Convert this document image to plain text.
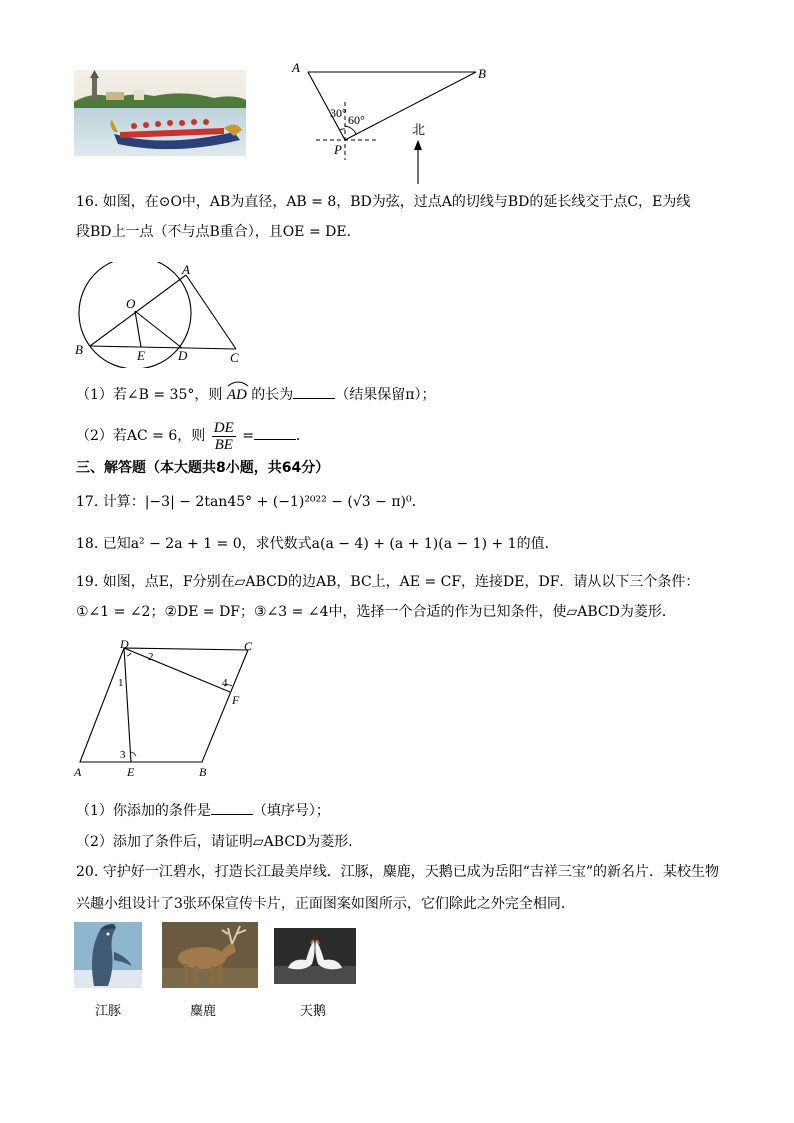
A	B
P
30° 60°
北
16. 如图，在⊙O中，AB为直径，AB = 8，BD为弦，过点A的切线与BD的延长线交于点C，E为线
段BD上一点（不与点B重合），且OE = DE．
O
A
B	E	D	C
（1）若∠B = 35°，则 AD 的长为	（结果保留π）；
（2）若AC = 6，则 $\frac{DE}{BE}$ =	．
三、解答题（本大题共8小题，共64分）
17. 计算：|−3| − 2tan45° + (−1)²⁰²² − (√3 − π)⁰．
18. 已知a² − 2a + 1 = 0，求代数式a(a − 4) + (a + 1)(a − 1) + 1的值．
19. 如图，点E，F分别在▱ABCD的边AB，BC上，AE = CF，连接DE，DF．请从以下三个条件：
①∠1 = ∠2；②DE = DF；③∠3 = ∠4中，选择一个合适的作为已知条件，使▱ABCD为菱形．
D	C
A	E	B
F
1
2
3
4
（1）你添加的条件是	（填序号）；
（2）添加了条件后，请证明▱ABCD为菱形．
20. 守护好一江碧水，打造长江最美岸线．江豚，麋鹿，天鹅已成为岳阳“吉祥三宝”的新名片．某校生物
兴趣小组设计了3张环保宣传卡片，正面图案如图所示，它们除此之外完全相同．
江豚	麋鹿	天鹅
